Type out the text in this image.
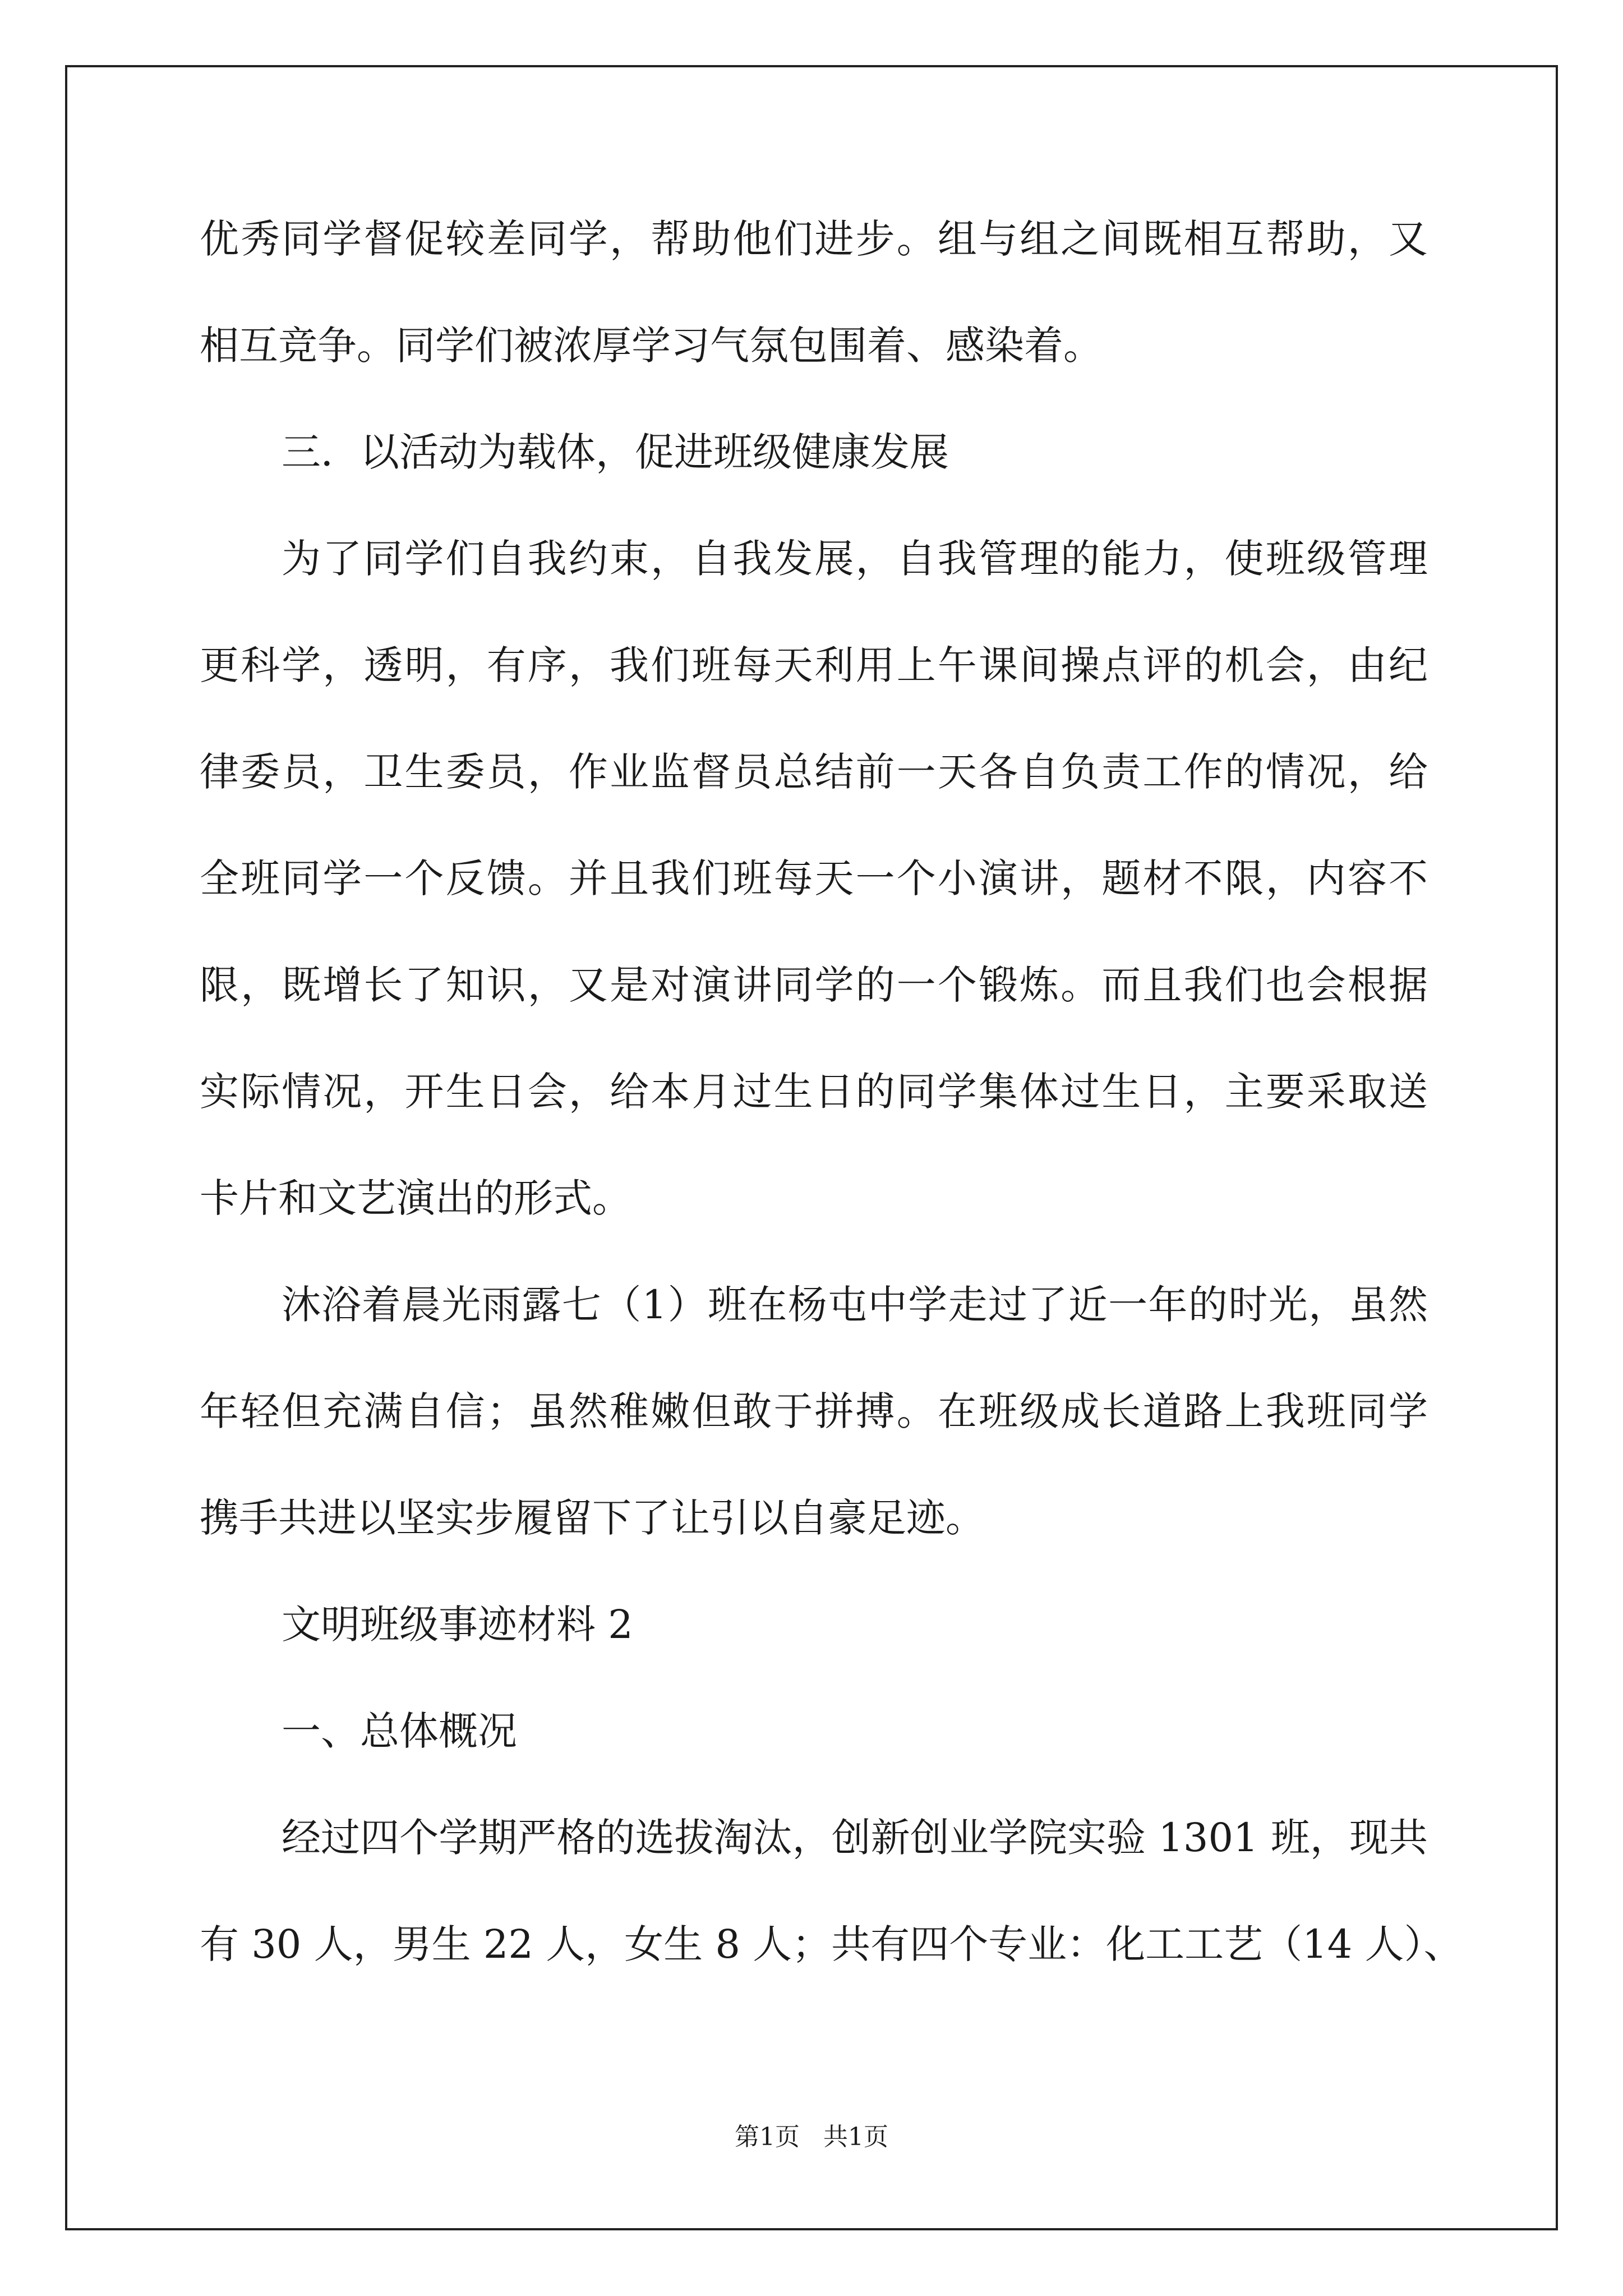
优秀同学督促较差同学，帮助他们进步。组与组之间既相互帮助，又
相互竞争。同学们被浓厚学习气氛包围着、感染着。
三．以活动为载体，促进班级健康发展
为了同学们自我约束，自我发展，自我管理的能力，使班级管理
更科学，透明，有序，我们班每天利用上午课间操点评的机会，由纪
律委员，卫生委员，作业监督员总结前一天各自负责工作的情况，给
全班同学一个反馈。并且我们班每天一个小演讲，题材不限，内容不
限，既增长了知识，又是对演讲同学的一个锻炼。而且我们也会根据
实际情况，开生日会，给本月过生日的同学集体过生日，主要采取送
卡片和文艺演出的形式。
沐浴着晨光雨露七（1）班在杨屯中学走过了近一年的时光，虽然
年轻但充满自信；虽然稚嫩但敢于拼搏。在班级成长道路上我班同学
携手共进以坚实步履留下了让引以自豪足迹。
文明班级事迹材料 2
一、总体概况
经过四个学期严格的选拔淘汰，创新创业学院实验 1301 班，现共
有 30 人，男生 22 人，女生 8 人；共有四个专业：化工工艺（14 人）、
第1页 共1页
